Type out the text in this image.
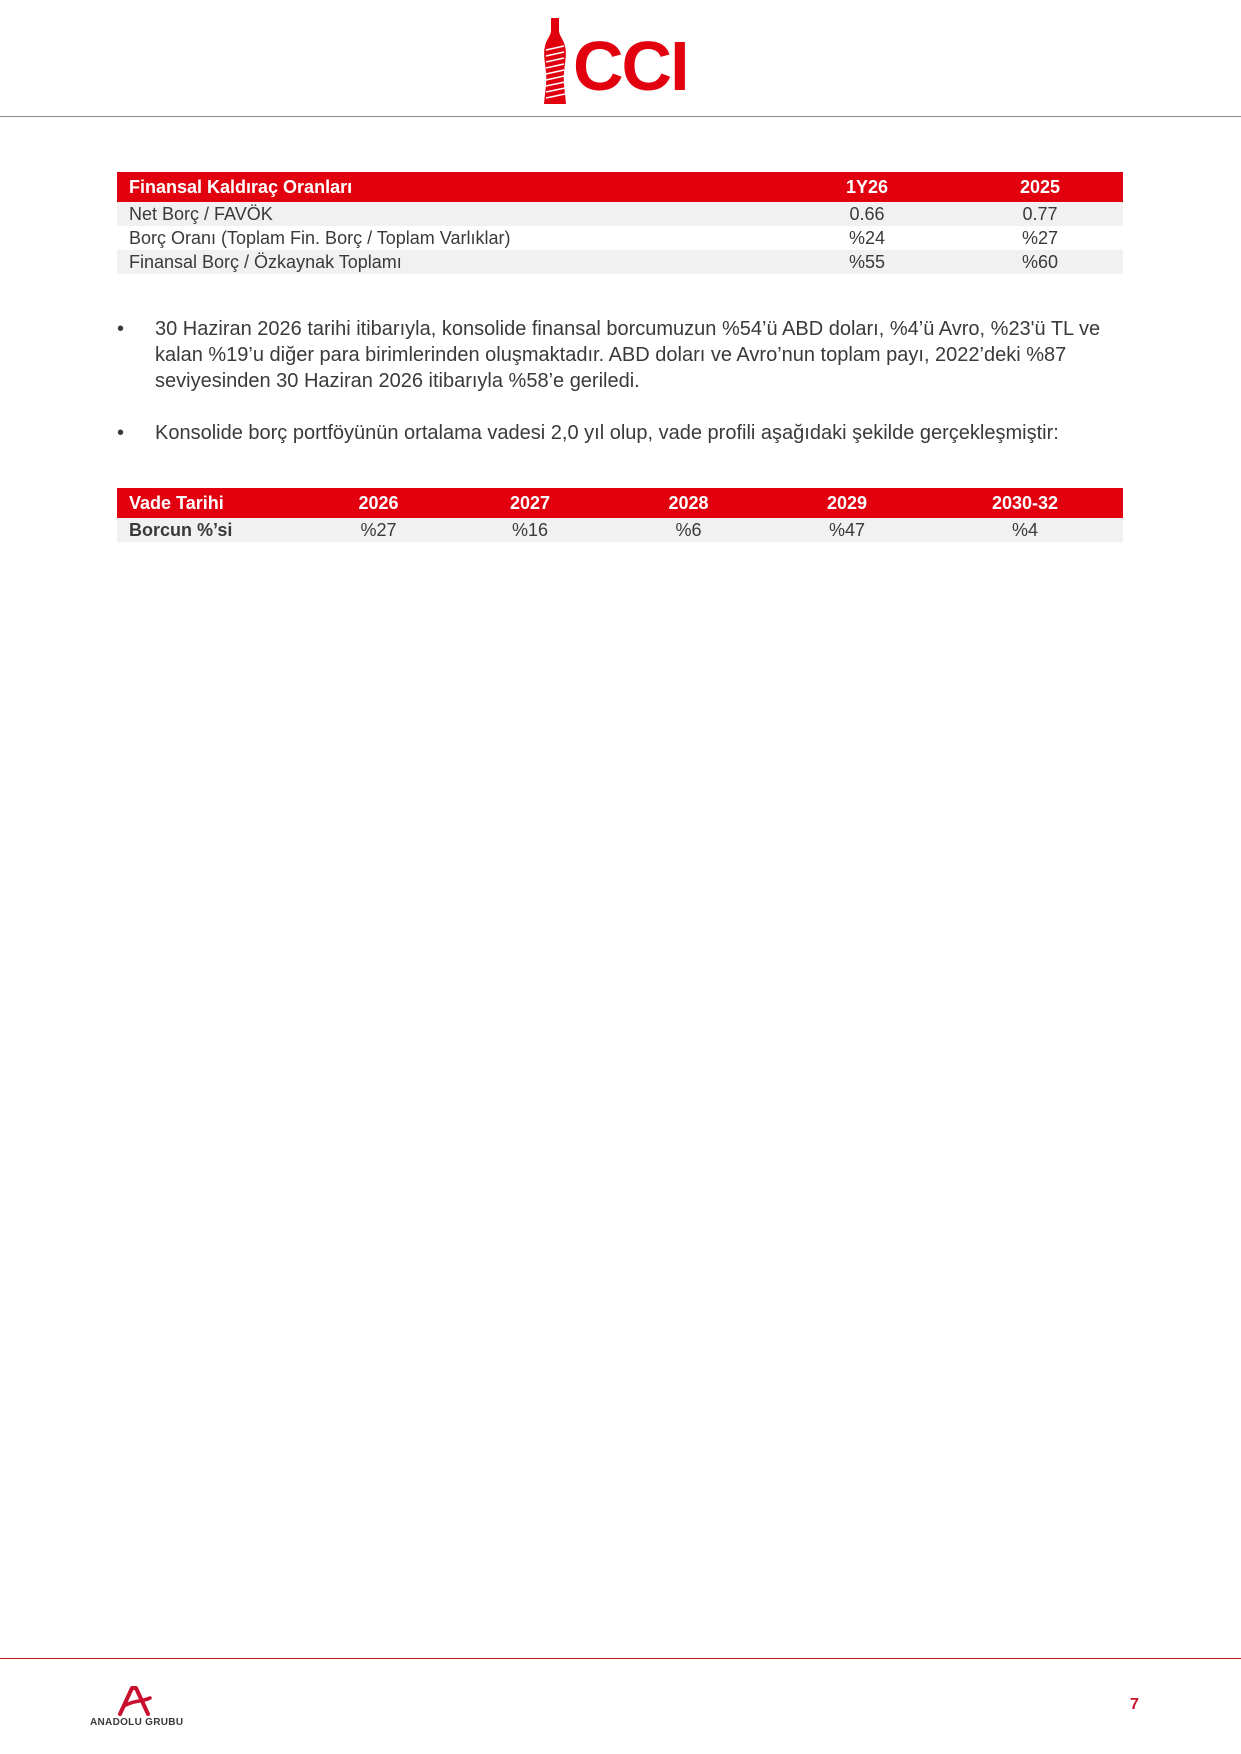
CCI
Finansal Kaldıraç Oranları	1Y26	2025
Net Borç / FAVÖK	0.66	0.77
Borç Oranı (Toplam Fin. Borç / Toplam Varlıklar)	%24	%27
Finansal Borç / Özkaynak Toplamı	%55	%60
• 30 Haziran 2026 tarihi itibarıyla, konsolide finansal borcumuzun %54’ü ABD doları, %4’ü Avro, %23'ü TL ve kalan %19’u diğer para birimlerinden oluşmaktadır. ABD doları ve Avro’nun toplam payı, 2022’deki %87 seviyesinden 30 Haziran 2026 itibarıyla %58’e geriledi.
• Konsolide borç portföyünün ortalama vadesi 2,0 yıl olup, vade profili aşağıdaki şekilde gerçekleşmiştir:
Vade Tarihi	2026	2027	2028	2029	2030-32
Borcun %’si	%27	%16	%6	%47	%4
ANADOLU GRUBU
7
